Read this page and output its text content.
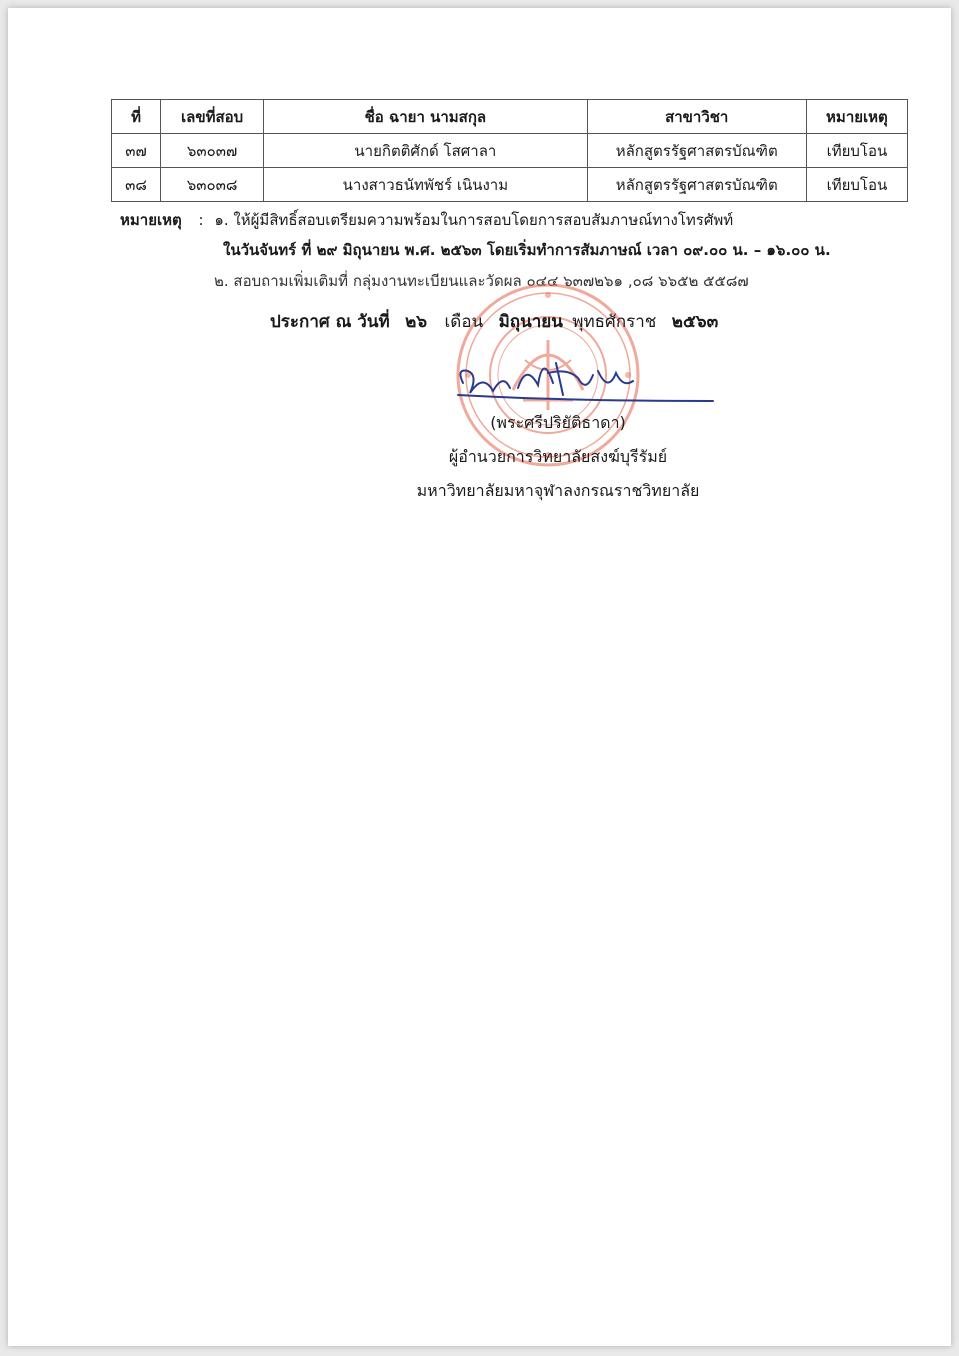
ที่	เลขที่สอบ	ชื่อ ฉายา นามสกุล	สาขาวิชา	หมายเหตุ
๓๗	๖๓๐๓๗	นายกิตติศักด์ โสศาลา	หลักสูตรรัฐศาสตรบัณฑิต	เทียบโอน
๓๘	๖๓๐๓๘	นางสาวธนัทพัชร์ เนินงาม	หลักสูตรรัฐศาสตรบัณฑิต	เทียบโอน
หมายเหตุ : ๑. ให้ผู้มีสิทธิ์สอบเตรียมความพร้อมในการสอบโดยการสอบสัมภาษณ์ทางโทรศัพท์
ในวันจันทร์ ที่ ๒๙ มิถุนายน พ.ศ. ๒๕๖๓ โดยเริ่มทำการสัมภาษณ์ เวลา ๐๙.๐๐ น. – ๑๖.๐๐ น.
๒. สอบถามเพิ่มเติมที่ กลุ่มงานทะเบียนและวัดผล ๐๔๔ ๖๓๗๒๖๑ ,๐๘ ๖๖๕๒ ๕๕๘๗
ประกาศ ณ วันที่ ๒๖ เดือน มิถุนายน พุทธศักราช ๒๕๖๓
(พระศรีปริยัติธาดา)
ผู้อำนวยการวิทยาลัยสงฆ์บุรีรัมย์
มหาวิทยาลัยมหาจุฬาลงกรณราชวิทยาลัย
